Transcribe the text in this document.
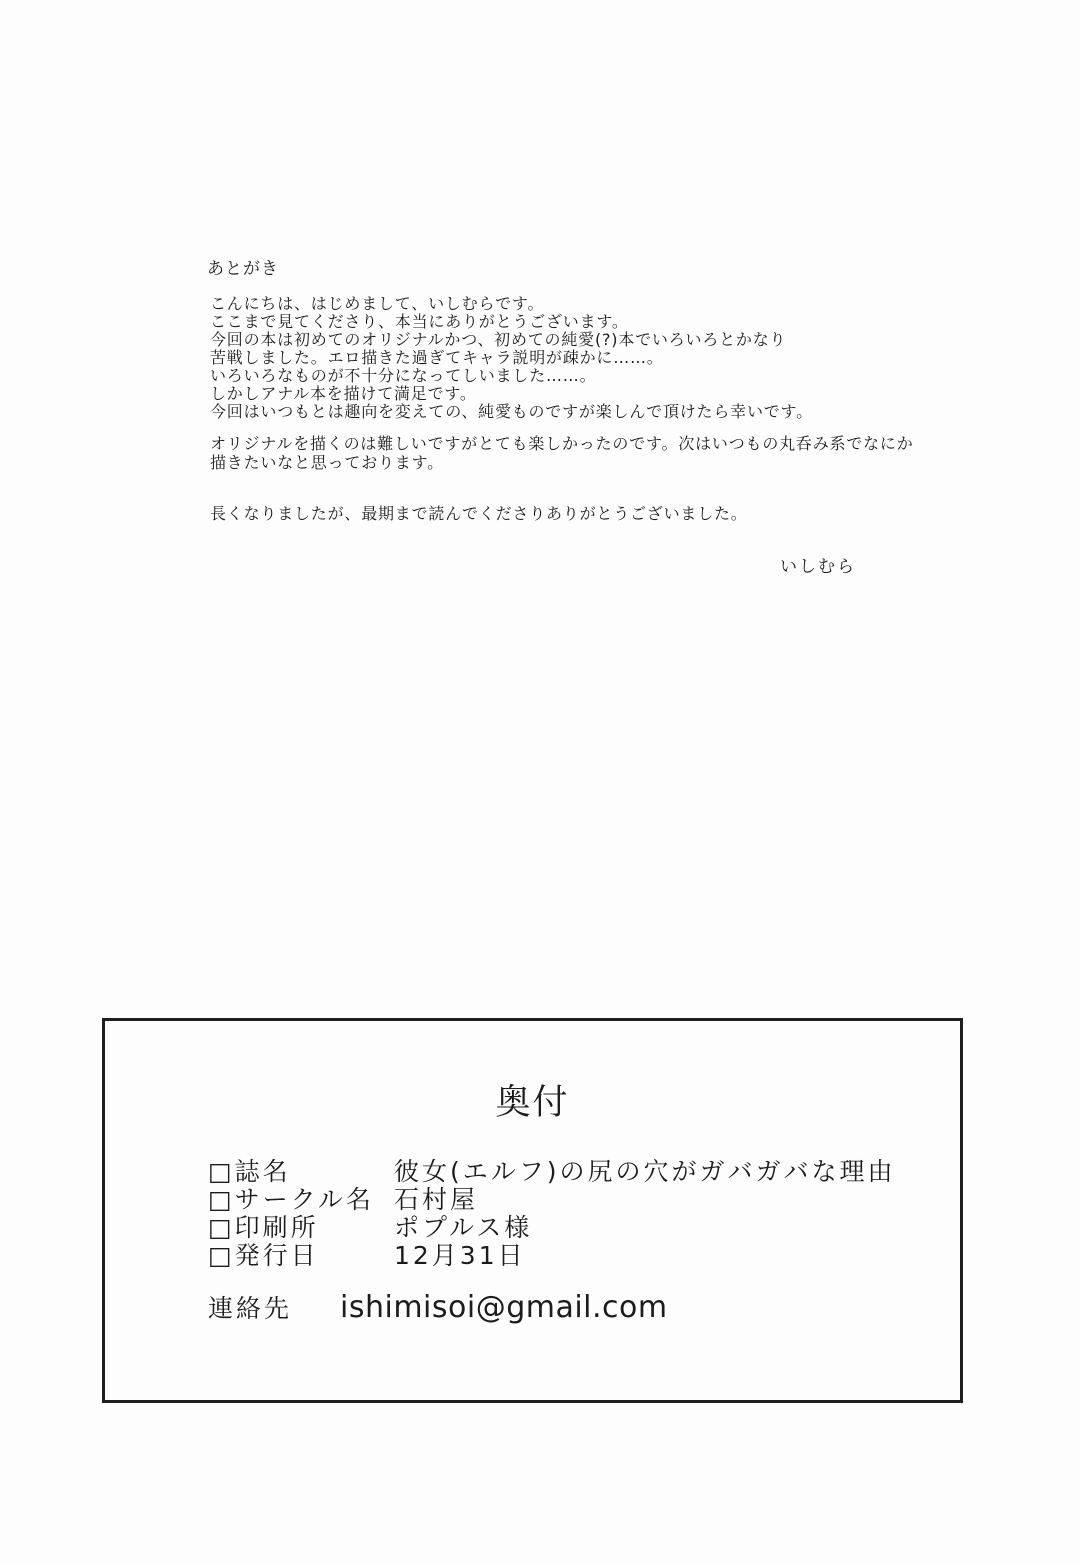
あとがき
こんにちは、はじめまして、いしむらです。
ここまで見てくださり、本当にありがとうございます。
今回の本は初めてのオリジナルかつ、初めての純愛(?)本でいろいろとかなり
苦戦しました。エロ描きた過ぎてキャラ説明が疎かに……。
いろいろなものが不十分になってしいました……。
しかしアナル本を描けて満足です。
今回はいつもとは趣向を変えての、純愛ものですが楽しんで頂けたら幸いです。
オリジナルを描くのは難しいですがとても楽しかったのです。次はいつもの丸呑み系でなにか
描きたいなと思っております。
長くなりましたが、最期まで読んでくださりありがとうございました。
いしむら
奥付
□誌名	彼女(エルフ)の尻の穴がガバガバな理由
□サークル名 石村屋
□印刷所	ポプルス様
□発行日	12月31日
連絡先	ishimisoi@gmail.com
